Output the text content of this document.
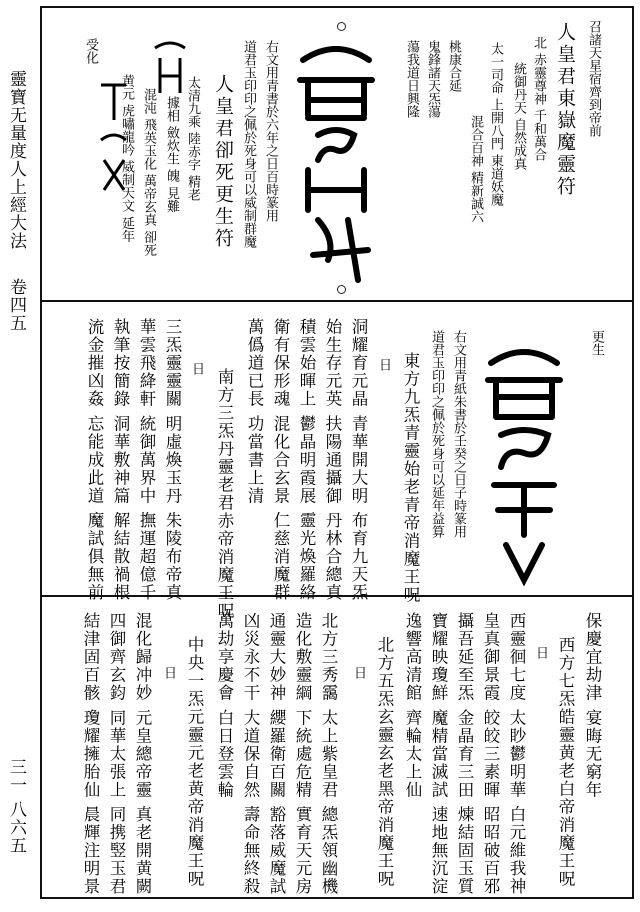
靈寶无量度人上經大法
卷四五
三一 八六五
召諸天星宿齊到帝前
人皇君東嶽魔靈符
北 赤靈尊神 千和萬合
統御丹天 自然成真
太一司命 上開八門 東道妖魔
混合百神 精新誠六
桃康合延
鬼鋒諸天炁蕩
蕩我道日興隆
右文用青書於六年之日百時篆用
道君玉印印之佩於死身可以威制群魔
人皇君卻死更生符
太清九乘 陸赤字 精老
據相 斂炊生 魄 見難
混沌 飛英玉化 萬帝玄真 卻死
黄元 虎嘯龍吟 威制天文 延年
受化
更生
右文用青紙朱書於壬癸之日子時篆用
道君玉印印之佩於死身可以延年益算
東方九炁青靈始老青帝消魔王呪
日
洞耀育元晶 青華開大明 布育九天炁
始生存元英 扶陽通攝御 丹林合總真
積雲始暉上 鬱晶明霞展 靈光煥羅絡
衛有保形魂 混化合玄景 仁慈消魔群
萬僞道已長 功當書上清
南方三炁丹靈老君赤帝消魔王呪
日
三炁靈靈關 明虛煥玉丹 朱陵布帝真
華雲飛絳軒 統御萬界中 撫運超億千
執筆按簡錄 洞華敷神篇 解結散禍根
流金摧凶姦 忘能成此道 魔試俱無前
保慶宜劫津 宴晦无窮年
西方七炁皓靈黄老白帝消魔王呪
日
西靈徊七度 太眇鬱明華 白元維我神
皇真御景霞 皎皎三素暉 昭昭破百邪
攝吾延至炁 金晶育三田 煉結固玉質
寶耀映瓊鮮 魔精當滅試 速地無沉淀
逸響高清館 齊輪太上仙
北方五炁玄靈玄老黑帝消魔王呪
日
北方三秀靄 太上紫皇君 總炁領幽機
造化敷靈綱 下統處危精 實育天元房
通靈大妙神 纓羅衛百關 豁落威魔試
凶災永不干 大道保自然 壽命無終殺
萬劫享慶會 白日登雲輪
中央一炁元靈元老黄帝消魔王呪
日
混化歸冲妙 元皇總帝靈 真老開黄闕
四御齊玄鈞 同華太張上 同携竪玉君
結津固百骸 瓊耀擁胎仙 晨輝注明景
